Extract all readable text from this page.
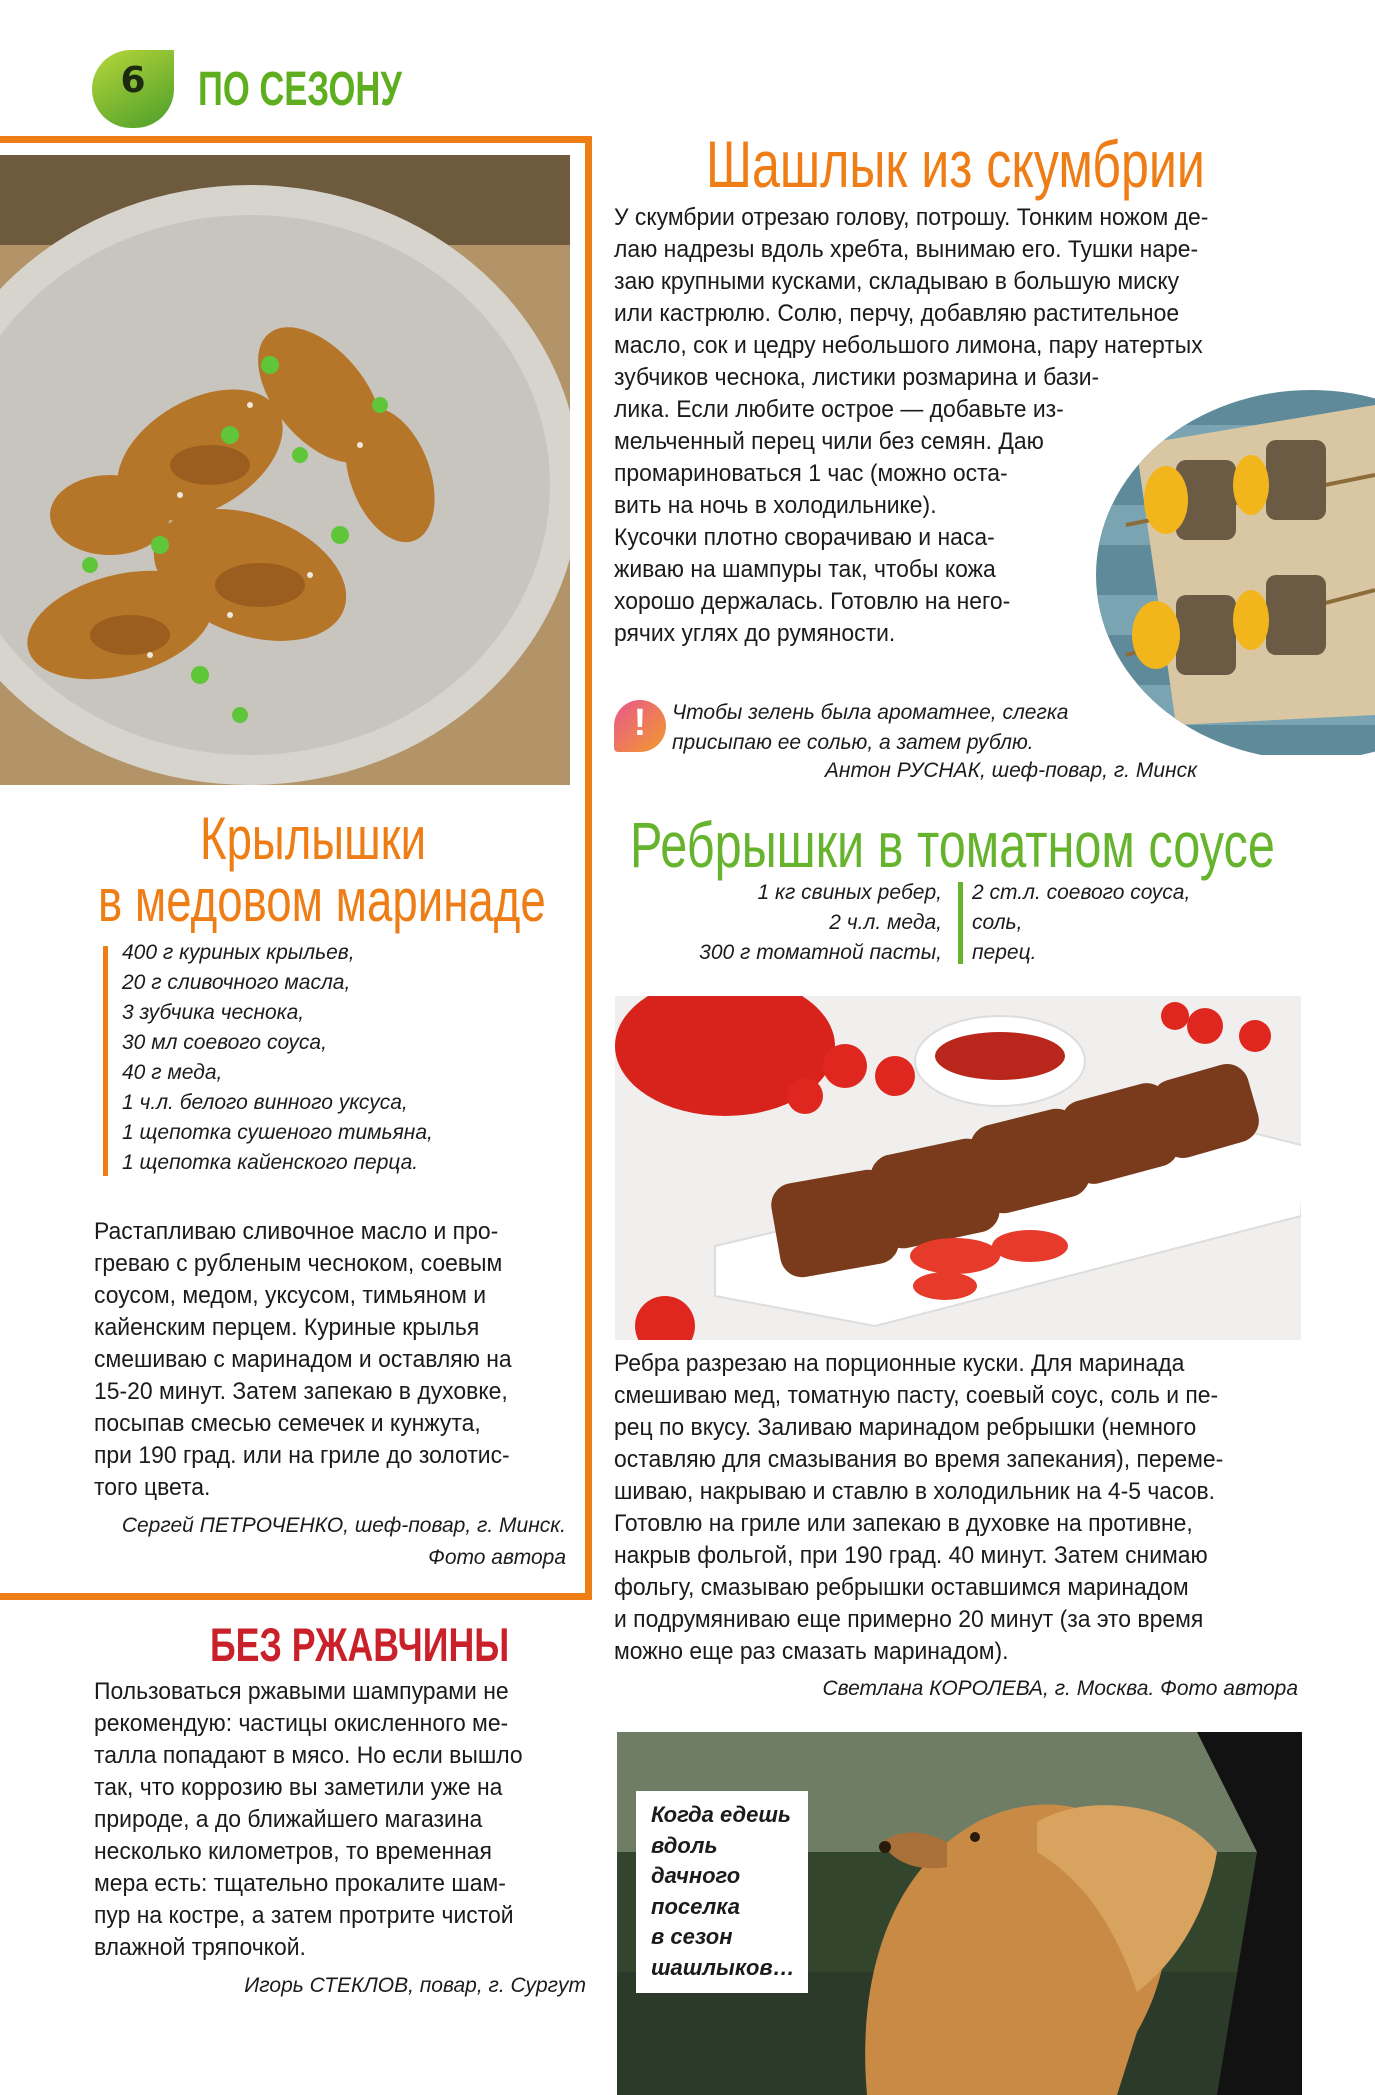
6	ПО СЕЗОНУ
Шашлык из скумбрии
У скумбрии отрезаю голову, потрошу. Тонким ножом де-
лаю надрезы вдоль хребта, вынимаю его. Тушки наре-
заю крупными кусками, складываю в большую миску
или кастрюлю. Солю, перчу, добавляю растительное
масло, сок и цедру небольшого лимона, пару натертых
зубчиков чеснока, листики розмарина и бази-
лика. Если любите острое — добавьте из-
мельченный перец чили без семян. Даю
промариноваться 1 час (можно оста-
вить на ночь в холодильнике).
Кусочки плотно сворачиваю и наса-
живаю на шампуры так, чтобы кожа
хорошо держалась. Готовлю на него-
рячих углях до румяности.
!	Чтобы зелень была ароматнее, слегка
присыпаю ее солью, а затем рублю.
Антон РУСНАК, шеф-повар, г. Минск
Крылышки
в медовом маринаде
400 г куриных крыльев,
20 г сливочного масла,
3 зубчика чеснока,
30 мл соевого соуса,
40 г меда,
1 ч.л. белого винного уксуса,
1 щепотка сушеного тимьяна,
1 щепотка кайенского перца.
Растапливаю сливочное масло и про-
греваю с рубленым чесноком, соевым
соусом, медом, уксусом, тимьяном и
кайенским перцем. Куриные крылья
смешиваю с маринадом и оставляю на
15-20 минут. Затем запекаю в духовке,
посыпав смесью семечек и кунжута,
при 190 град. или на гриле до золотис-
того цвета.
Сергей ПЕТРОЧЕНКО, шеф-повар, г. Минск.
Фото автора
Ребрышки в томатном соусе
1 кг свиных ребер,
2 ч.л. меда,
300 г томатной пасты,
2 ст.л. соевого соуса,
соль,
перец.
Ребра разрезаю на порционные куски. Для маринада
смешиваю мед, томатную пасту, соевый соус, соль и пе-
рец по вкусу. Заливаю маринадом ребрышки (немного
оставляю для смазывания во время запекания), переме-
шиваю, накрываю и ставлю в холодильник на 4-5 часов.
Готовлю на гриле или запекаю в духовке на противне,
накрыв фольгой, при 190 град. 40 минут. Затем снимаю
фольгу, смазываю ребрышки оставшимся маринадом
и подрумяниваю еще примерно 20 минут (за это время
можно еще раз смазать маринадом).
Светлана КОРОЛЕВА, г. Москва. Фото автора
БЕЗ РЖАВЧИНЫ
Пользоваться ржавыми шампурами не
рекомендую: частицы окисленного ме-
талла попадают в мясо. Но если вышло
так, что коррозию вы заметили уже на
природе, а до ближайшего магазина
несколько километров, то временная
мера есть: тщательно прокалите шам-
пур на костре, а затем протрите чистой
влажной тряпочкой.
Игорь СТЕКЛОВ, повар, г. Сургут
Когда едешь
вдоль
дачного
поселка
в сезон
шашлыков…
